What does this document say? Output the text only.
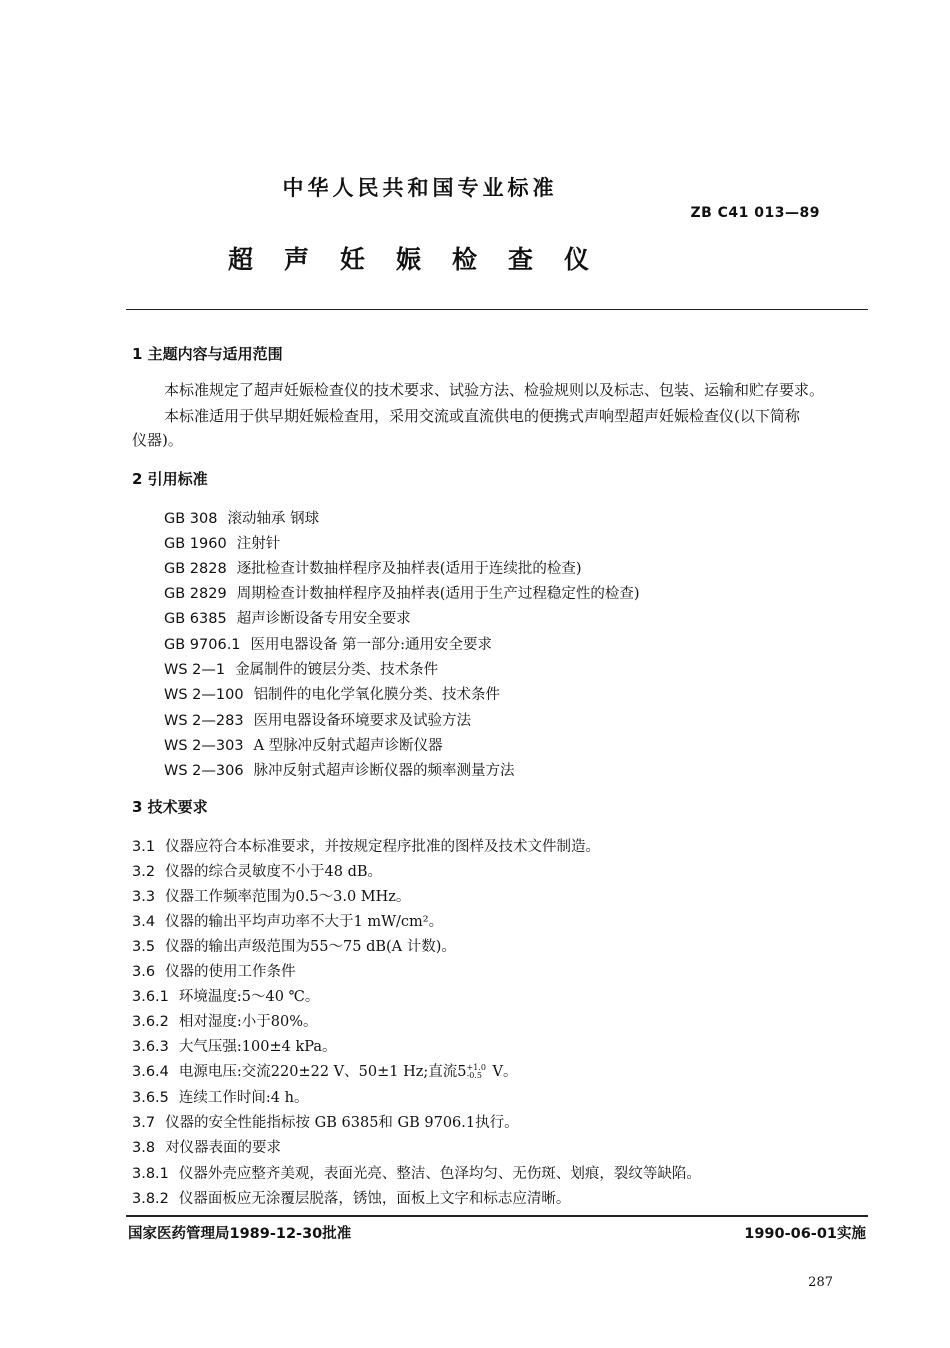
中华人民共和国专业标准
ZB C41 013—89
超声妊娠检查仪
1 主题内容与适用范围
本标准规定了超声妊娠检查仪的技术要求、试验方法、检验规则以及标志、包装、运输和贮存要求。
本标准适用于供早期妊娠检查用，采用交流或直流供电的便携式声响型超声妊娠检查仪(以下简称
仪器)。
2 引用标准
GB 308 滚动轴承 钢球
GB 1960 注射针
GB 2828 逐批检查计数抽样程序及抽样表(适用于连续批的检查)
GB 2829 周期检查计数抽样程序及抽样表(适用于生产过程稳定性的检查)
GB 6385 超声诊断设备专用安全要求
GB 9706.1 医用电器设备 第一部分:通用安全要求
WS 2—1 金属制件的镀层分类、技术条件
WS 2—100 铝制件的电化学氧化膜分类、技术条件
WS 2—283 医用电器设备环境要求及试验方法
WS 2—303 A 型脉冲反射式超声诊断仪器
WS 2—306 脉冲反射式超声诊断仪器的频率测量方法
3 技术要求
3.1 仪器应符合本标准要求，并按规定程序批准的图样及技术文件制造。
3.2 仪器的综合灵敏度不小于48 dB。
3.3 仪器工作频率范围为0.5～3.0 MHz。
3.4 仪器的输出平均声功率不大于1 mW/cm²。
3.5 仪器的输出声级范围为55～75 dB(A 计数)。
3.6 仪器的使用工作条件
3.6.1 环境温度:5～40 ℃。
3.6.2 相对湿度:小于80%。
3.6.3 大气压强:100±4 kPa。
3.6.4 电源电压:交流220±22 V、50±1 Hz;直流5 +1.0
-0.5 V。
3.6.5 连续工作时间:4 h。
3.7 仪器的安全性能指标按 GB 6385和 GB 9706.1执行。
3.8 对仪器表面的要求
3.8.1 仪器外壳应整齐美观，表面光亮、整洁、色泽均匀、无伤斑、划痕，裂纹等缺陷。
3.8.2 仪器面板应无涂覆层脱落，锈蚀，面板上文字和标志应清晰。
国家医药管理局1989-12-30批准	1990-06-01实施
287
